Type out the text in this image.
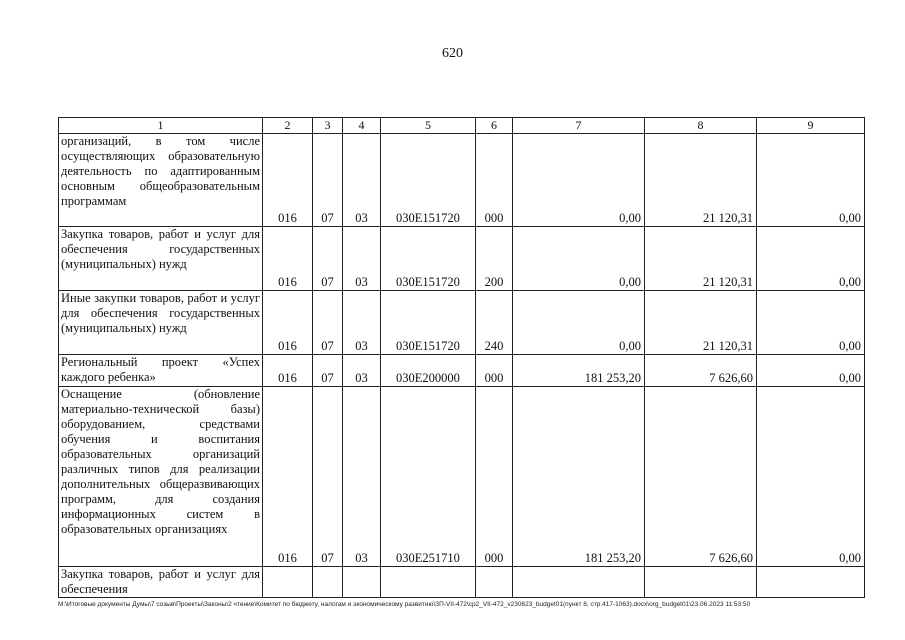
620
1	2	3	4	5	6	7	8	9
организаций, в том числе осуществляющих образовательную деятельность по адаптированным основным общеобразовательным программам	016	07	03	030E151720	000	0,00	21 120,31	0,00
Закупка товаров, работ и услуг для обеспечения государственных (муниципальных) нужд	016	07	03	030E151720	200	0,00	21 120,31	0,00
Иные закупки товаров, работ и услуг для обеспечения государственных (муниципальных) нужд	016	07	03	030E151720	240	0,00	21 120,31	0,00
Региональный проект «Успех каждого ребенка»	016	07	03	030E200000	000	181 253,20	7 626,60	0,00
Оснащение (обновление материально-технической базы) оборудованием, средствами обучения и воспитания образовательных организаций различных типов для реализации дополнительных общеразвивающих программ, для создания информационных систем в образовательных организациях	016	07	03	030E251710	000	181 253,20	7 626,60	0,00
Закупка товаров, работ и услуг для обеспечения								
M:\Итоговые документы Думы\7 созыв\Проекты\Законы\2 чтение\Комитет по бюджету, налогам и экономическому развитию\ЗП-VII-472\ср2_VII-472_v230623_budget01(пункт 8, стр.417-1063).docx\org_budget01\23.06.2023 11:53:50
